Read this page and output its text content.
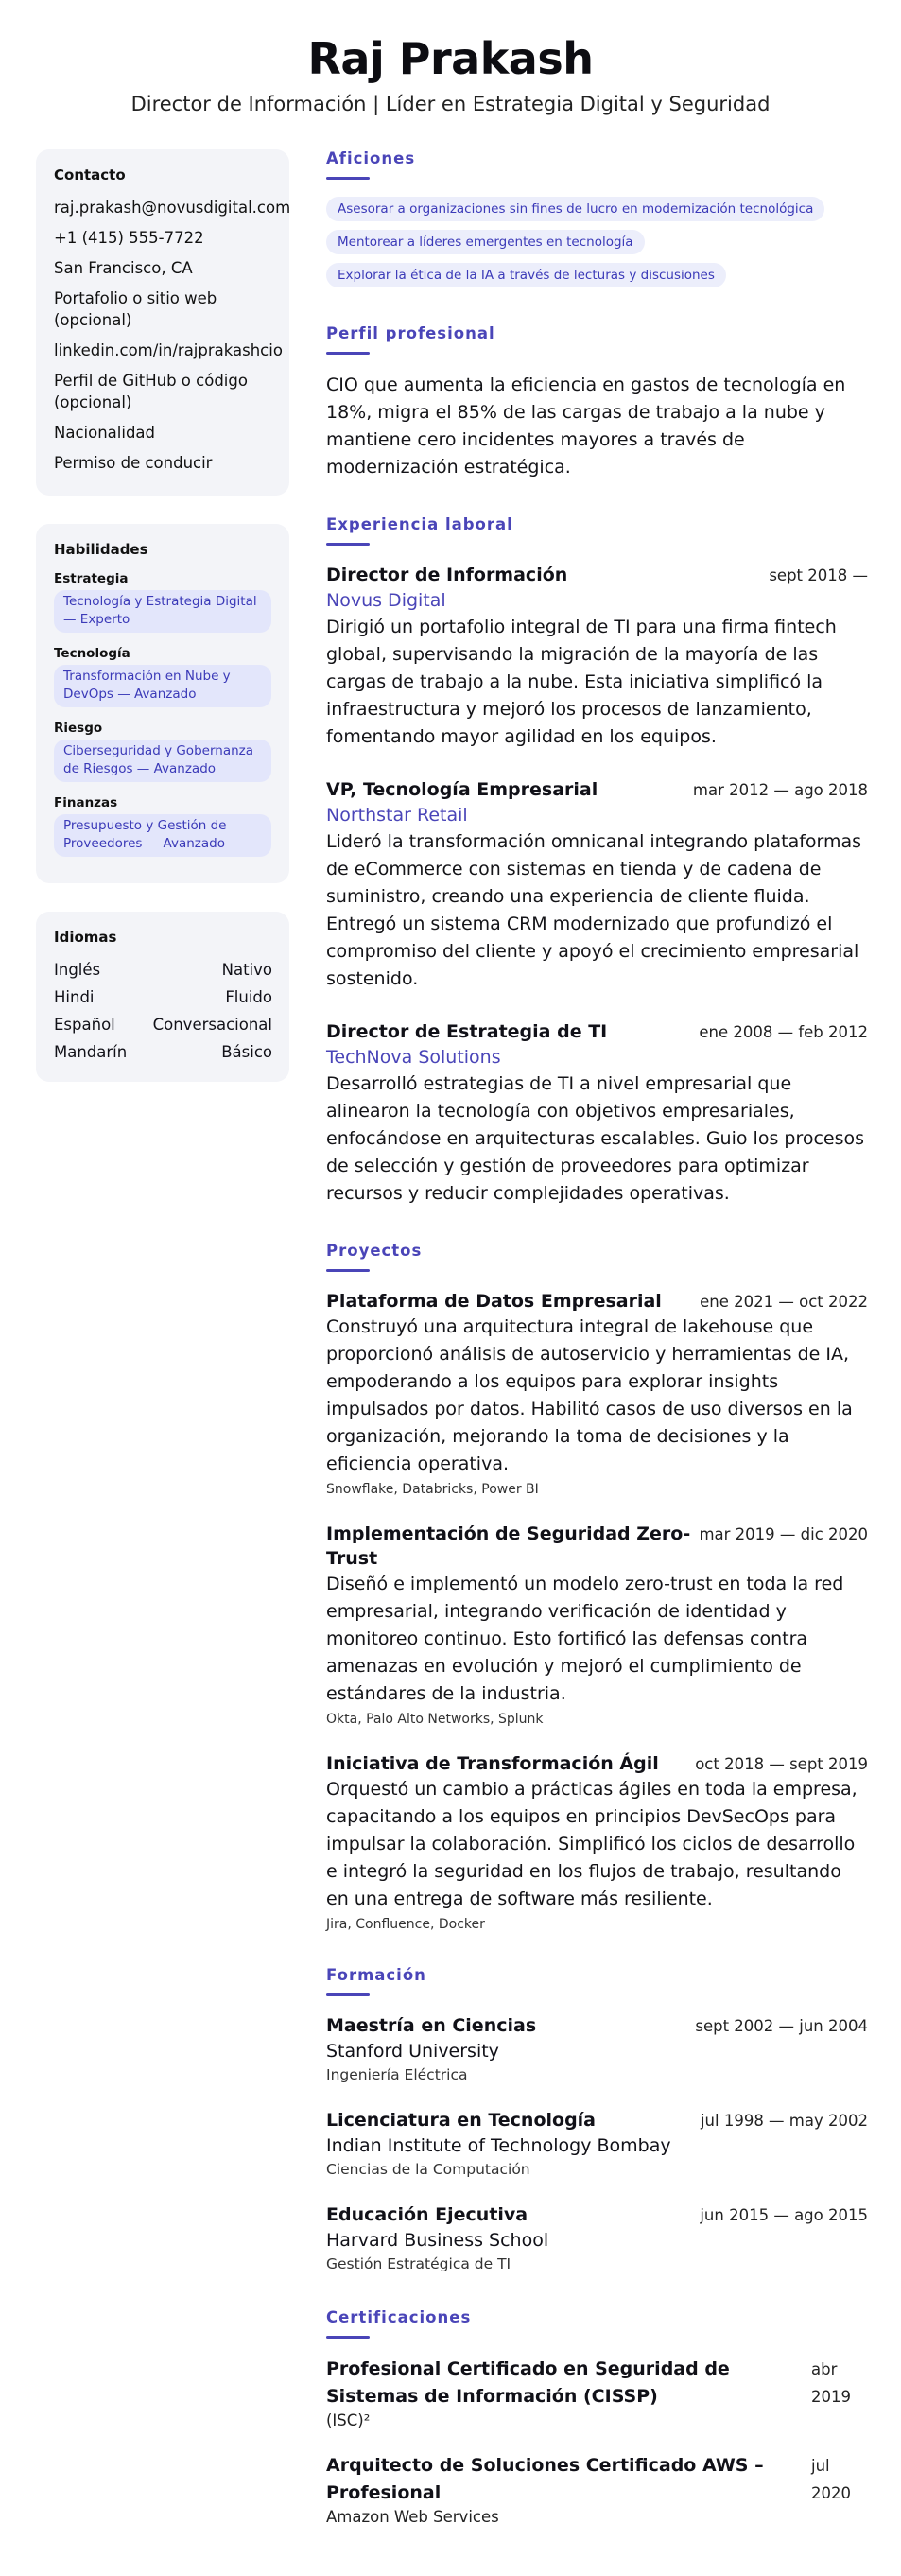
Raj Prakash
Director de Información | Líder en Estrategia Digital y Seguridad
Contacto
raj.prakash@novusdigital.com
+1 (415) 555-7722
San Francisco, CA
Portafolio o sitio web (opcional)
linkedin.com/in/rajprakashcio
Perfil de GitHub o código (opcional)
Nacionalidad
Permiso de conducir
Habilidades
Estrategia
Tecnología y Estrategia Digital — Experto
Tecnología
Transformación en Nube y DevOps — Avanzado
Riesgo
Ciberseguridad y Gobernanza de Riesgos — Avanzado
Finanzas
Presupuesto y Gestión de Proveedores — Avanzado
Idiomas
Inglés	Nativo
Hindi	Fluido
Español Conversacional
Mandarín	Básico
Aficiones
Asesorar a organizaciones sin fines de lucro en modernización tecnológica
Mentorear a líderes emergentes en tecnología
Explorar la ética de la IA a través de lecturas y discusiones
Perfil profesional

CIO que aumenta la eficiencia en gastos de tecnología en 18%, migra el 85% de las cargas de trabajo a la nube y mantiene cero incidentes mayores a través de modernización estratégica.

Experiencia laboral
Director de Información	sept 2018 —
Novus Digital

Dirigió un portafolio integral de TI para una firma fintech global, supervisando la migración de la mayoría de las cargas de trabajo a la nube. Esta iniciativa simplificó la infraestructura y mejoró los procesos de lanzamiento, fomentando mayor agilidad en los equipos.

VP, Tecnología Empresarial	mar 2012 — ago 2018
Northstar Retail

Lideró la transformación omnicanal integrando plataformas de eCommerce con sistemas en tienda y de cadena de suministro, creando una experiencia de cliente fluida. Entregó un sistema CRM modernizado que profundizó el compromiso del cliente y apoyó el crecimiento empresarial sostenido.

Director de Estrategia de TI	ene 2008 — feb 2012
TechNova Solutions

Desarrolló estrategias de TI a nivel empresarial que alinearon la tecnología con objetivos empresariales, enfocándose en arquitecturas escalables. Guio los procesos de selección y gestión de proveedores para optimizar recursos y reducir complejidades operativas.

Proyectos
Plataforma de Datos Empresarial ene 2021 — oct 2022

Construyó una arquitectura integral de lakehouse que proporcionó análisis de autoservicio y herramientas de IA, empoderando a los equipos para explorar insights impulsados por datos. Habilitó casos de uso diversos en la organización, mejorando la toma de decisiones y la eficiencia operativa.

Snowflake, Databricks, Power BI
Implementación de Seguridad Zero-Trust
mar 2019 — dic 2020

Diseñó e implementó un modelo zero-trust en toda la red empresarial, integrando verificación de identidad y monitoreo continuo. Esto fortificó las defensas contra amenazas en evolución y mejoró el cumplimiento de estándares de la industria.

Okta, Palo Alto Networks, Splunk
Iniciativa de Transformación Ágil oct 2018 — sept 2019

Orquestó un cambio a prácticas ágiles en toda la empresa, capacitando a los equipos en principios DevSecOps para impulsar la colaboración. Simplificó los ciclos de desarrollo e integró la seguridad en los flujos de trabajo, resultando en una entrega de software más resiliente.

Jira, Confluence, Docker
Formación
Maestría en Ciencias	sept 2002 — jun 2004
Stanford University
Ingeniería Eléctrica
Licenciatura en Tecnología	jul 1998 — may 2002
Indian Institute of Technology Bombay
Ciencias de la Computación
Educación Ejecutiva	jun 2015 — ago 2015
Harvard Business School
Gestión Estratégica de TI
Certificaciones
Profesional Certificado en Seguridad de Sistemas de Información (CISSP)
(ISC)²
abr 2019
Arquitecto de Soluciones Certificado AWS – Profesional
Amazon Web Services
jul 2020
